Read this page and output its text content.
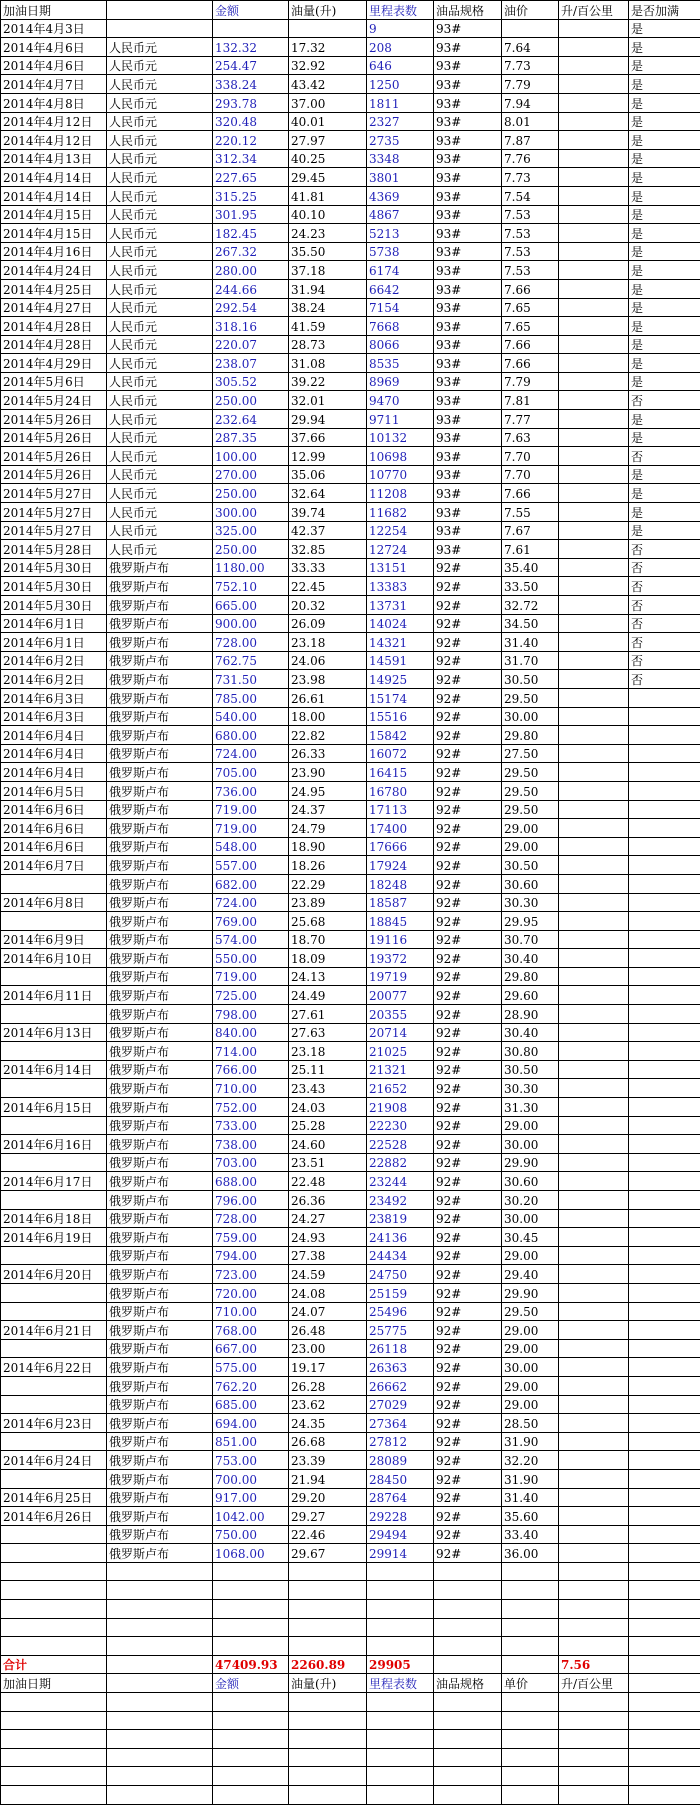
加油日期		金额	油量(升)	里程表数	油品规格	油价	升/百公里	是否加满
2014年4月3日				9	93#			是
2014年4月6日	人民币元	132.32	17.32	208	93#	7.64		是
2014年4月6日	人民币元	254.47	32.92	646	93#	7.73		是
2014年4月7日	人民币元	338.24	43.42	1250	93#	7.79		是
2014年4月8日	人民币元	293.78	37.00	1811	93#	7.94		是
2014年4月12日	人民币元	320.48	40.01	2327	93#	8.01		是
2014年4月12日	人民币元	220.12	27.97	2735	93#	7.87		是
2014年4月13日	人民币元	312.34	40.25	3348	93#	7.76		是
2014年4月14日	人民币元	227.65	29.45	3801	93#	7.73		是
2014年4月14日	人民币元	315.25	41.81	4369	93#	7.54		是
2014年4月15日	人民币元	301.95	40.10	4867	93#	7.53		是
2014年4月15日	人民币元	182.45	24.23	5213	93#	7.53		是
2014年4月16日	人民币元	267.32	35.50	5738	93#	7.53		是
2014年4月24日	人民币元	280.00	37.18	6174	93#	7.53		是
2014年4月25日	人民币元	244.66	31.94	6642	93#	7.66		是
2014年4月27日	人民币元	292.54	38.24	7154	93#	7.65		是
2014年4月28日	人民币元	318.16	41.59	7668	93#	7.65		是
2014年4月28日	人民币元	220.07	28.73	8066	93#	7.66		是
2014年4月29日	人民币元	238.07	31.08	8535	93#	7.66		是
2014年5月6日	人民币元	305.52	39.22	8969	93#	7.79		是
2014年5月24日	人民币元	250.00	32.01	9470	93#	7.81		否
2014年5月26日	人民币元	232.64	29.94	9711	93#	7.77		是
2014年5月26日	人民币元	287.35	37.66	10132	93#	7.63		是
2014年5月26日	人民币元	100.00	12.99	10698	93#	7.70		否
2014年5月26日	人民币元	270.00	35.06	10770	93#	7.70		是
2014年5月27日	人民币元	250.00	32.64	11208	93#	7.66		是
2014年5月27日	人民币元	300.00	39.74	11682	93#	7.55		是
2014年5月27日	人民币元	325.00	42.37	12254	93#	7.67		是
2014年5月28日	人民币元	250.00	32.85	12724	93#	7.61		否
2014年5月30日	俄罗斯卢布	1180.00	33.33	13151	92#	35.40		否
2014年5月30日	俄罗斯卢布	752.10	22.45	13383	92#	33.50		否
2014年5月30日	俄罗斯卢布	665.00	20.32	13731	92#	32.72		否
2014年6月1日	俄罗斯卢布	900.00	26.09	14024	92#	34.50		否
2014年6月1日	俄罗斯卢布	728.00	23.18	14321	92#	31.40		否
2014年6月2日	俄罗斯卢布	762.75	24.06	14591	92#	31.70		否
2014年6月2日	俄罗斯卢布	731.50	23.98	14925	92#	30.50		否
2014年6月3日	俄罗斯卢布	785.00	26.61	15174	92#	29.50		
2014年6月3日	俄罗斯卢布	540.00	18.00	15516	92#	30.00		
2014年6月4日	俄罗斯卢布	680.00	22.82	15842	92#	29.80		
2014年6月4日	俄罗斯卢布	724.00	26.33	16072	92#	27.50		
2014年6月4日	俄罗斯卢布	705.00	23.90	16415	92#	29.50		
2014年6月5日	俄罗斯卢布	736.00	24.95	16780	92#	29.50		
2014年6月6日	俄罗斯卢布	719.00	24.37	17113	92#	29.50		
2014年6月6日	俄罗斯卢布	719.00	24.79	17400	92#	29.00		
2014年6月6日	俄罗斯卢布	548.00	18.90	17666	92#	29.00		
2014年6月7日	俄罗斯卢布	557.00	18.26	17924	92#	30.50		
	俄罗斯卢布	682.00	22.29	18248	92#	30.60		
2014年6月8日	俄罗斯卢布	724.00	23.89	18587	92#	30.30		
	俄罗斯卢布	769.00	25.68	18845	92#	29.95		
2014年6月9日	俄罗斯卢布	574.00	18.70	19116	92#	30.70		
2014年6月10日	俄罗斯卢布	550.00	18.09	19372	92#	30.40		
	俄罗斯卢布	719.00	24.13	19719	92#	29.80		
2014年6月11日	俄罗斯卢布	725.00	24.49	20077	92#	29.60		
	俄罗斯卢布	798.00	27.61	20355	92#	28.90		
2014年6月13日	俄罗斯卢布	840.00	27.63	20714	92#	30.40		
	俄罗斯卢布	714.00	23.18	21025	92#	30.80		
2014年6月14日	俄罗斯卢布	766.00	25.11	21321	92#	30.50		
	俄罗斯卢布	710.00	23.43	21652	92#	30.30		
2014年6月15日	俄罗斯卢布	752.00	24.03	21908	92#	31.30		
	俄罗斯卢布	733.00	25.28	22230	92#	29.00		
2014年6月16日	俄罗斯卢布	738.00	24.60	22528	92#	30.00		
	俄罗斯卢布	703.00	23.51	22882	92#	29.90		
2014年6月17日	俄罗斯卢布	688.00	22.48	23244	92#	30.60		
	俄罗斯卢布	796.00	26.36	23492	92#	30.20		
2014年6月18日	俄罗斯卢布	728.00	24.27	23819	92#	30.00		
2014年6月19日	俄罗斯卢布	759.00	24.93	24136	92#	30.45		
	俄罗斯卢布	794.00	27.38	24434	92#	29.00		
2014年6月20日	俄罗斯卢布	723.00	24.59	24750	92#	29.40		
	俄罗斯卢布	720.00	24.08	25159	92#	29.90		
	俄罗斯卢布	710.00	24.07	25496	92#	29.50		
2014年6月21日	俄罗斯卢布	768.00	26.48	25775	92#	29.00		
	俄罗斯卢布	667.00	23.00	26118	92#	29.00		
2014年6月22日	俄罗斯卢布	575.00	19.17	26363	92#	30.00		
	俄罗斯卢布	762.20	26.28	26662	92#	29.00		
	俄罗斯卢布	685.00	23.62	27029	92#	29.00		
2014年6月23日	俄罗斯卢布	694.00	24.35	27364	92#	28.50		
	俄罗斯卢布	851.00	26.68	27812	92#	31.90		
2014年6月24日	俄罗斯卢布	753.00	23.39	28089	92#	32.20		
	俄罗斯卢布	700.00	21.94	28450	92#	31.90		
2014年6月25日	俄罗斯卢布	917.00	29.20	28764	92#	31.40		
2014年6月26日	俄罗斯卢布	1042.00	29.27	29228	92#	35.60		
	俄罗斯卢布	750.00	22.46	29494	92#	33.40		
	俄罗斯卢布	1068.00	29.67	29914	92#	36.00		

合计		47409.93	2260.89	29905			7.56	
加油日期		金额	油量(升)	里程表数	油品规格	单价	升/百公里	
